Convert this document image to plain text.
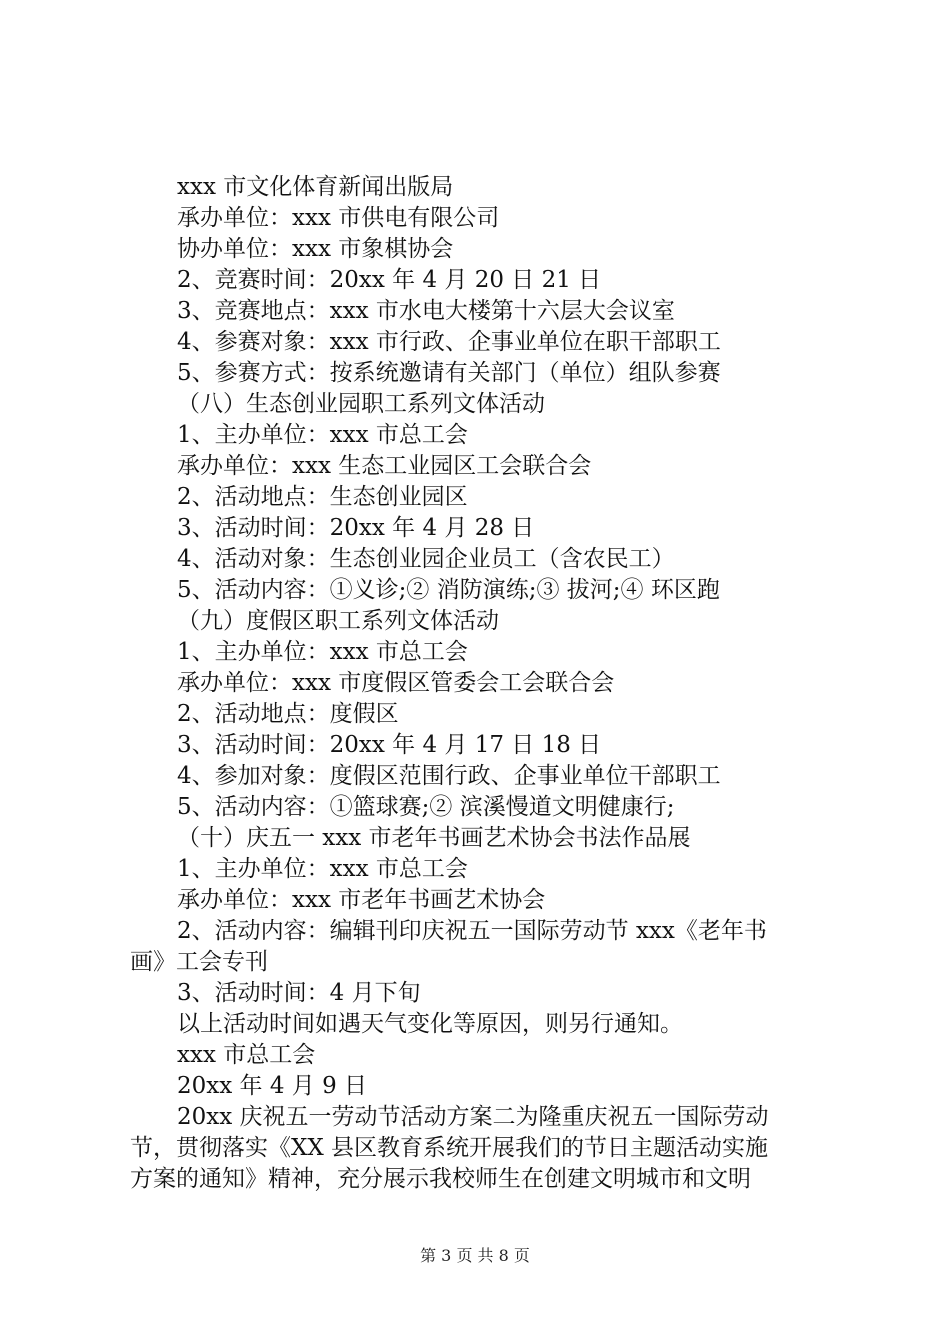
xxx 市文化体育新闻出版局
承办单位：xxx 市供电有限公司
协办单位：xxx 市象棋协会
2、竞赛时间：20xx 年 4 月 20 日 21 日
3、竞赛地点：xxx 市水电大楼第十六层大会议室
4、参赛对象：xxx 市行政、企事业单位在职干部职工
5、参赛方式：按系统邀请有关部门（单位）组队参赛
（八）生态创业园职工系列文体活动
1、主办单位：xxx 市总工会
承办单位：xxx 生态工业园区工会联合会
2、活动地点：生态创业园区
3、活动时间：20xx 年 4 月 28 日
4、活动对象：生态创业园企业员工（含农民工）
5、活动内容：①义诊;② 消防演练;③ 拔河;④ 环区跑
（九）度假区职工系列文体活动
1、主办单位：xxx 市总工会
承办单位：xxx 市度假区管委会工会联合会
2、活动地点：度假区
3、活动时间：20xx 年 4 月 17 日 18 日
4、参加对象：度假区范围行政、企事业单位干部职工
5、活动内容：①篮球赛;② 滨溪慢道文明健康行;
（十）庆五一 xxx 市老年书画艺术协会书法作品展
1、主办单位：xxx 市总工会
承办单位：xxx 市老年书画艺术协会
2、活动内容：编辑刊印庆祝五一国际劳动节 xxx《老年书
画》工会专刊
3、活动时间：4 月下旬
以上活动时间如遇天气变化等原因，则另行通知。
xxx 市总工会
20xx 年 4 月 9 日
20xx 庆祝五一劳动节活动方案二为隆重庆祝五一国际劳动
节，贯彻落实《XX 县区教育系统开展我们的节日主题活动实施
方案的通知》精神，充分展示我校师生在创建文明城市和文明
第 3 页 共 8 页
